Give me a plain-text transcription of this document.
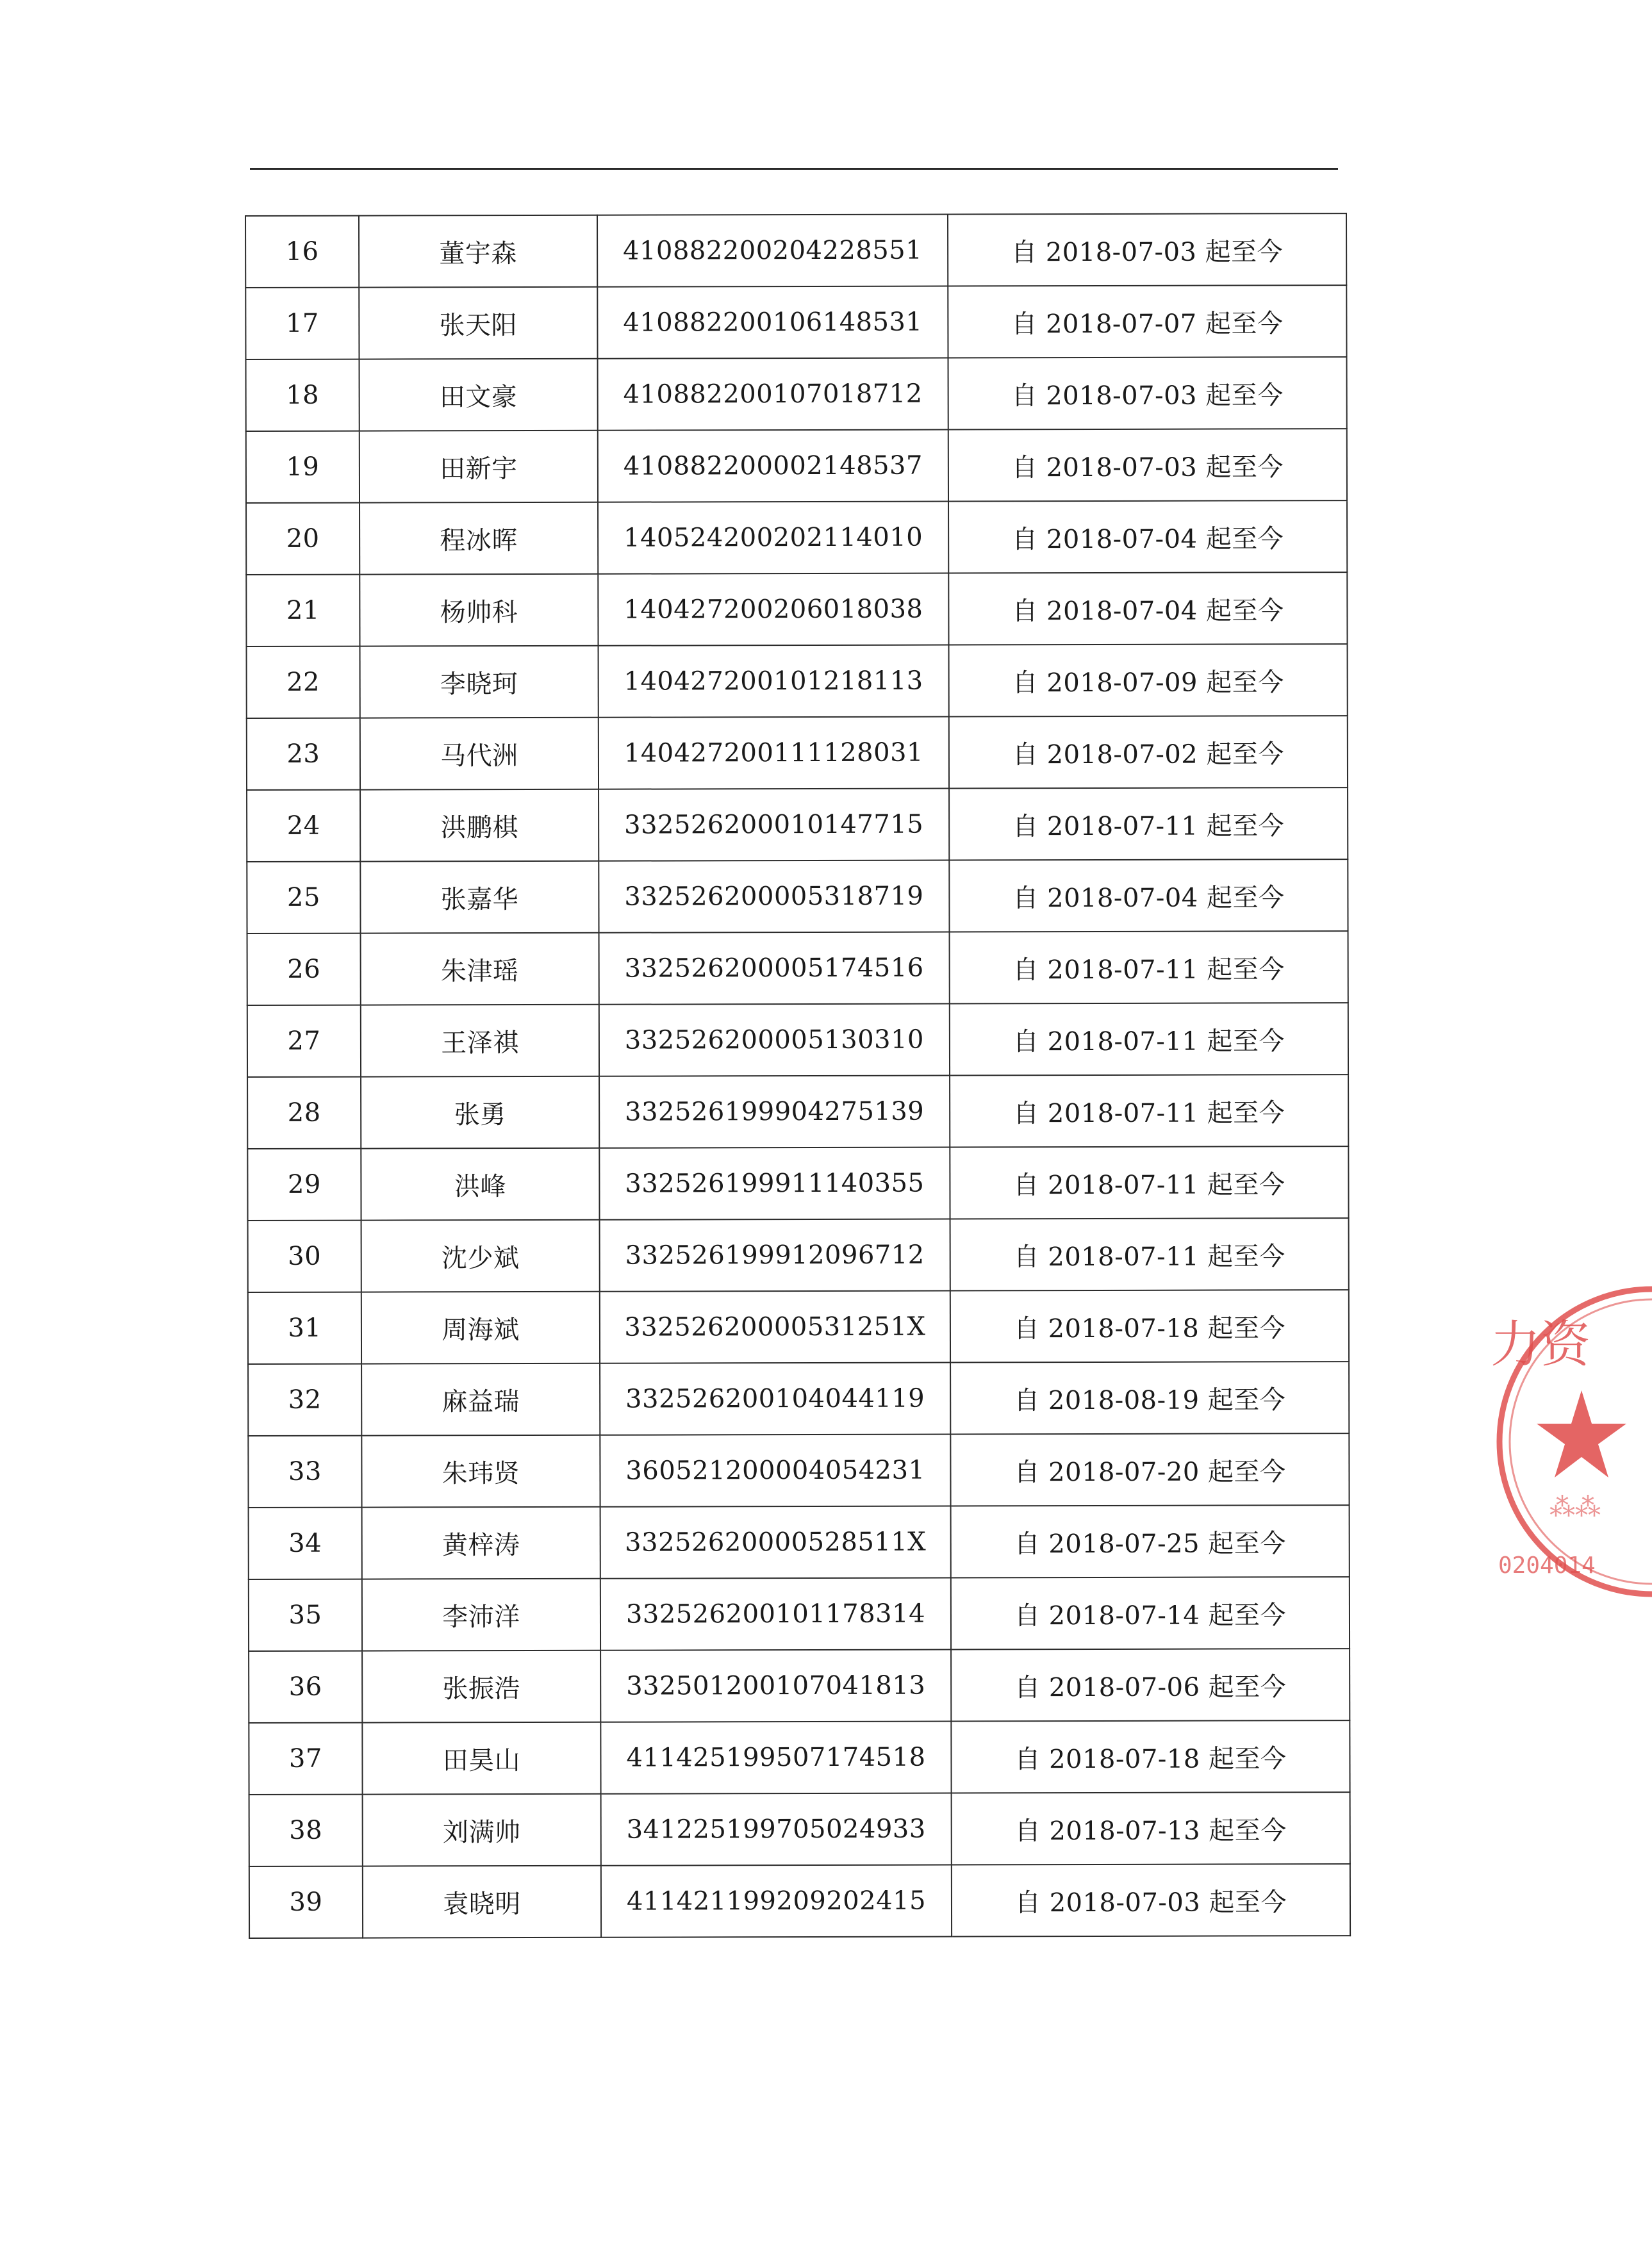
16	董宇森	410882200204228551	自 2018-07-03 起至今
17	张天阳	410882200106148531	自 2018-07-07 起至今
18	田文豪	410882200107018712	自 2018-07-03 起至今
19	田新宇	410882200002148537	自 2018-07-03 起至今
20	程冰晖	140524200202114010	自 2018-07-04 起至今
21	杨帅科	140427200206018038	自 2018-07-04 起至今
22	李晓珂	140427200101218113	自 2018-07-09 起至今
23	马代洲	140427200111128031	自 2018-07-02 起至今
24	洪鹏棋	332526200010147715	自 2018-07-11 起至今
25	张嘉华	332526200005318719	自 2018-07-04 起至今
26	朱津瑶	332526200005174516	自 2018-07-11 起至今
27	王泽祺	332526200005130310	自 2018-07-11 起至今
28	张勇	332526199904275139	自 2018-07-11 起至今
29	洪峰	332526199911140355	自 2018-07-11 起至今
30	沈少斌	332526199912096712	自 2018-07-11 起至今
31	周海斌	33252620000531251X	自 2018-07-18 起至今
32	麻益瑞	332526200104044119	自 2018-08-19 起至今
33	朱玮贤	360521200004054231	自 2018-07-20 起至今
34	黄梓涛	33252620000528511X	自 2018-07-25 起至今
35	李沛洋	332526200101178314	自 2018-07-14 起至今
36	张振浩	332501200107041813	自 2018-07-06 起至今
37	田昊山	411425199507174518	自 2018-07-18 起至今
38	刘满帅	341225199705024933	自 2018-07-13 起至今
39	袁晓明	411421199209202415	自 2018-07-03 起至今
力资
⁂⁂
0204014
